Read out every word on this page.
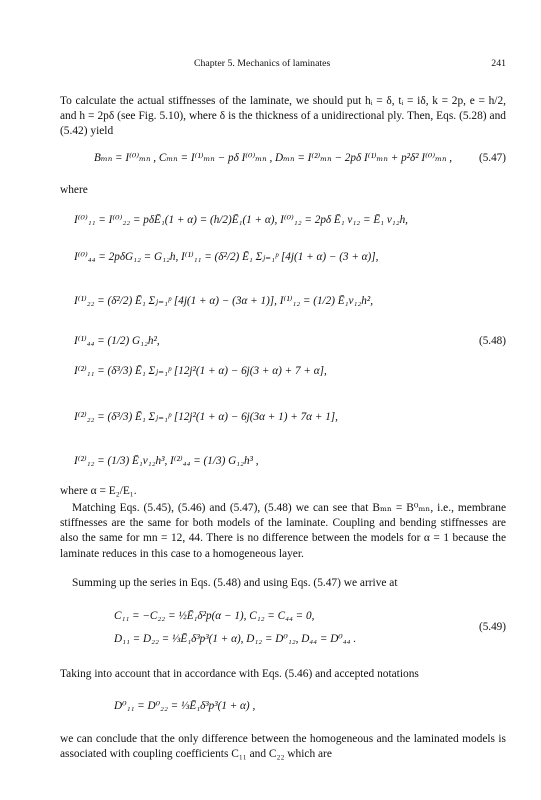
Chapter 5. Mechanics of laminates	241

To calculate the actual stiffnesses of the laminate, we should put hᵢ = δ, tᵢ = iδ, k = 2p, e = h/2, and h = 2pδ (see Fig. 5.10), where δ is the thickness of a unidirectional ply. Then, Eqs. (5.28) and (5.42) yield

Bₘₙ = I⁽⁰⁾ₘₙ , Cₘₙ = I⁽¹⁾ₘₙ − pδ I⁽⁰⁾ₘₙ , Dₘₙ = I⁽²⁾ₘₙ − 2pδ I⁽¹⁾ₘₙ + p²δ² I⁽⁰⁾ₘₙ , (5.47)
where
I⁽⁰⁾₁₁ = I⁽⁰⁾₂₂ = pδĒ₁(1 + α) = (h/2)Ē₁(1 + α), I⁽⁰⁾₁₂ = 2pδ Ē₁ ν₁₂ = Ē₁ ν₁₂h,
I⁽⁰⁾₄₄ = 2pδG₁₂ = G₁₂h, I⁽¹⁾₁₁ = (δ²/2) Ē₁ Σⱼ₌₁ᵖ [4j(1 + α) − (3 + α)],
I⁽¹⁾₂₂ = (δ²/2) Ē₁ Σⱼ₌₁ᵖ [4j(1 + α) − (3α + 1)], I⁽¹⁾₁₂ = (1/2) Ē₁ν₁₂h²,
I⁽¹⁾₄₄ = (1/2) G₁₂h²,	(5.48)
I⁽²⁾₁₁ = (δ³/3) Ē₁ Σⱼ₌₁ᵖ [12j²(1 + α) − 6j(3 + α) + 7 + α],
I⁽²⁾₂₂ = (δ³/3) Ē₁ Σⱼ₌₁ᵖ [12j²(1 + α) − 6j(3α + 1) + 7α + 1],
I⁽²⁾₁₂ = (1/3) Ē₁ν₁₂h³, I⁽²⁾₄₄ = (1/3) G₁₂h³ ,
where α = E₂/E₁.

Matching Eqs. (5.45), (5.46) and (5.47), (5.48) we can see that Bₘₙ = B⁰ₘₙ, i.e., membrane stiffnesses are the same for both models of the laminate. Coupling and bending stiffnesses are also the same for mn = 12, 44. There is no difference between the models for α = 1 because the laminate reduces in this case to a homogeneous layer.

Summing up the series in Eqs. (5.48) and using Eqs. (5.47) we arrive at

C₁₁ = −C₂₂ = ½Ē₁δ²p(α − 1), C₁₂ = C₄₄ = 0,
(5.49)
D₁₁ = D₂₂ = ⅓Ē₁δ³p³(1 + α), D₁₂ = D⁰₁₂, D₄₄ = D⁰₄₄ .

Taking into account that in accordance with Eqs. (5.46) and accepted notations

D⁰₁₁ = D⁰₂₂ = ⅓Ē₁δ³p³(1 + α) ,

we can conclude that the only difference between the homogeneous and the laminated models is associated with coupling coefficients C₁₁ and C₂₂ which are
